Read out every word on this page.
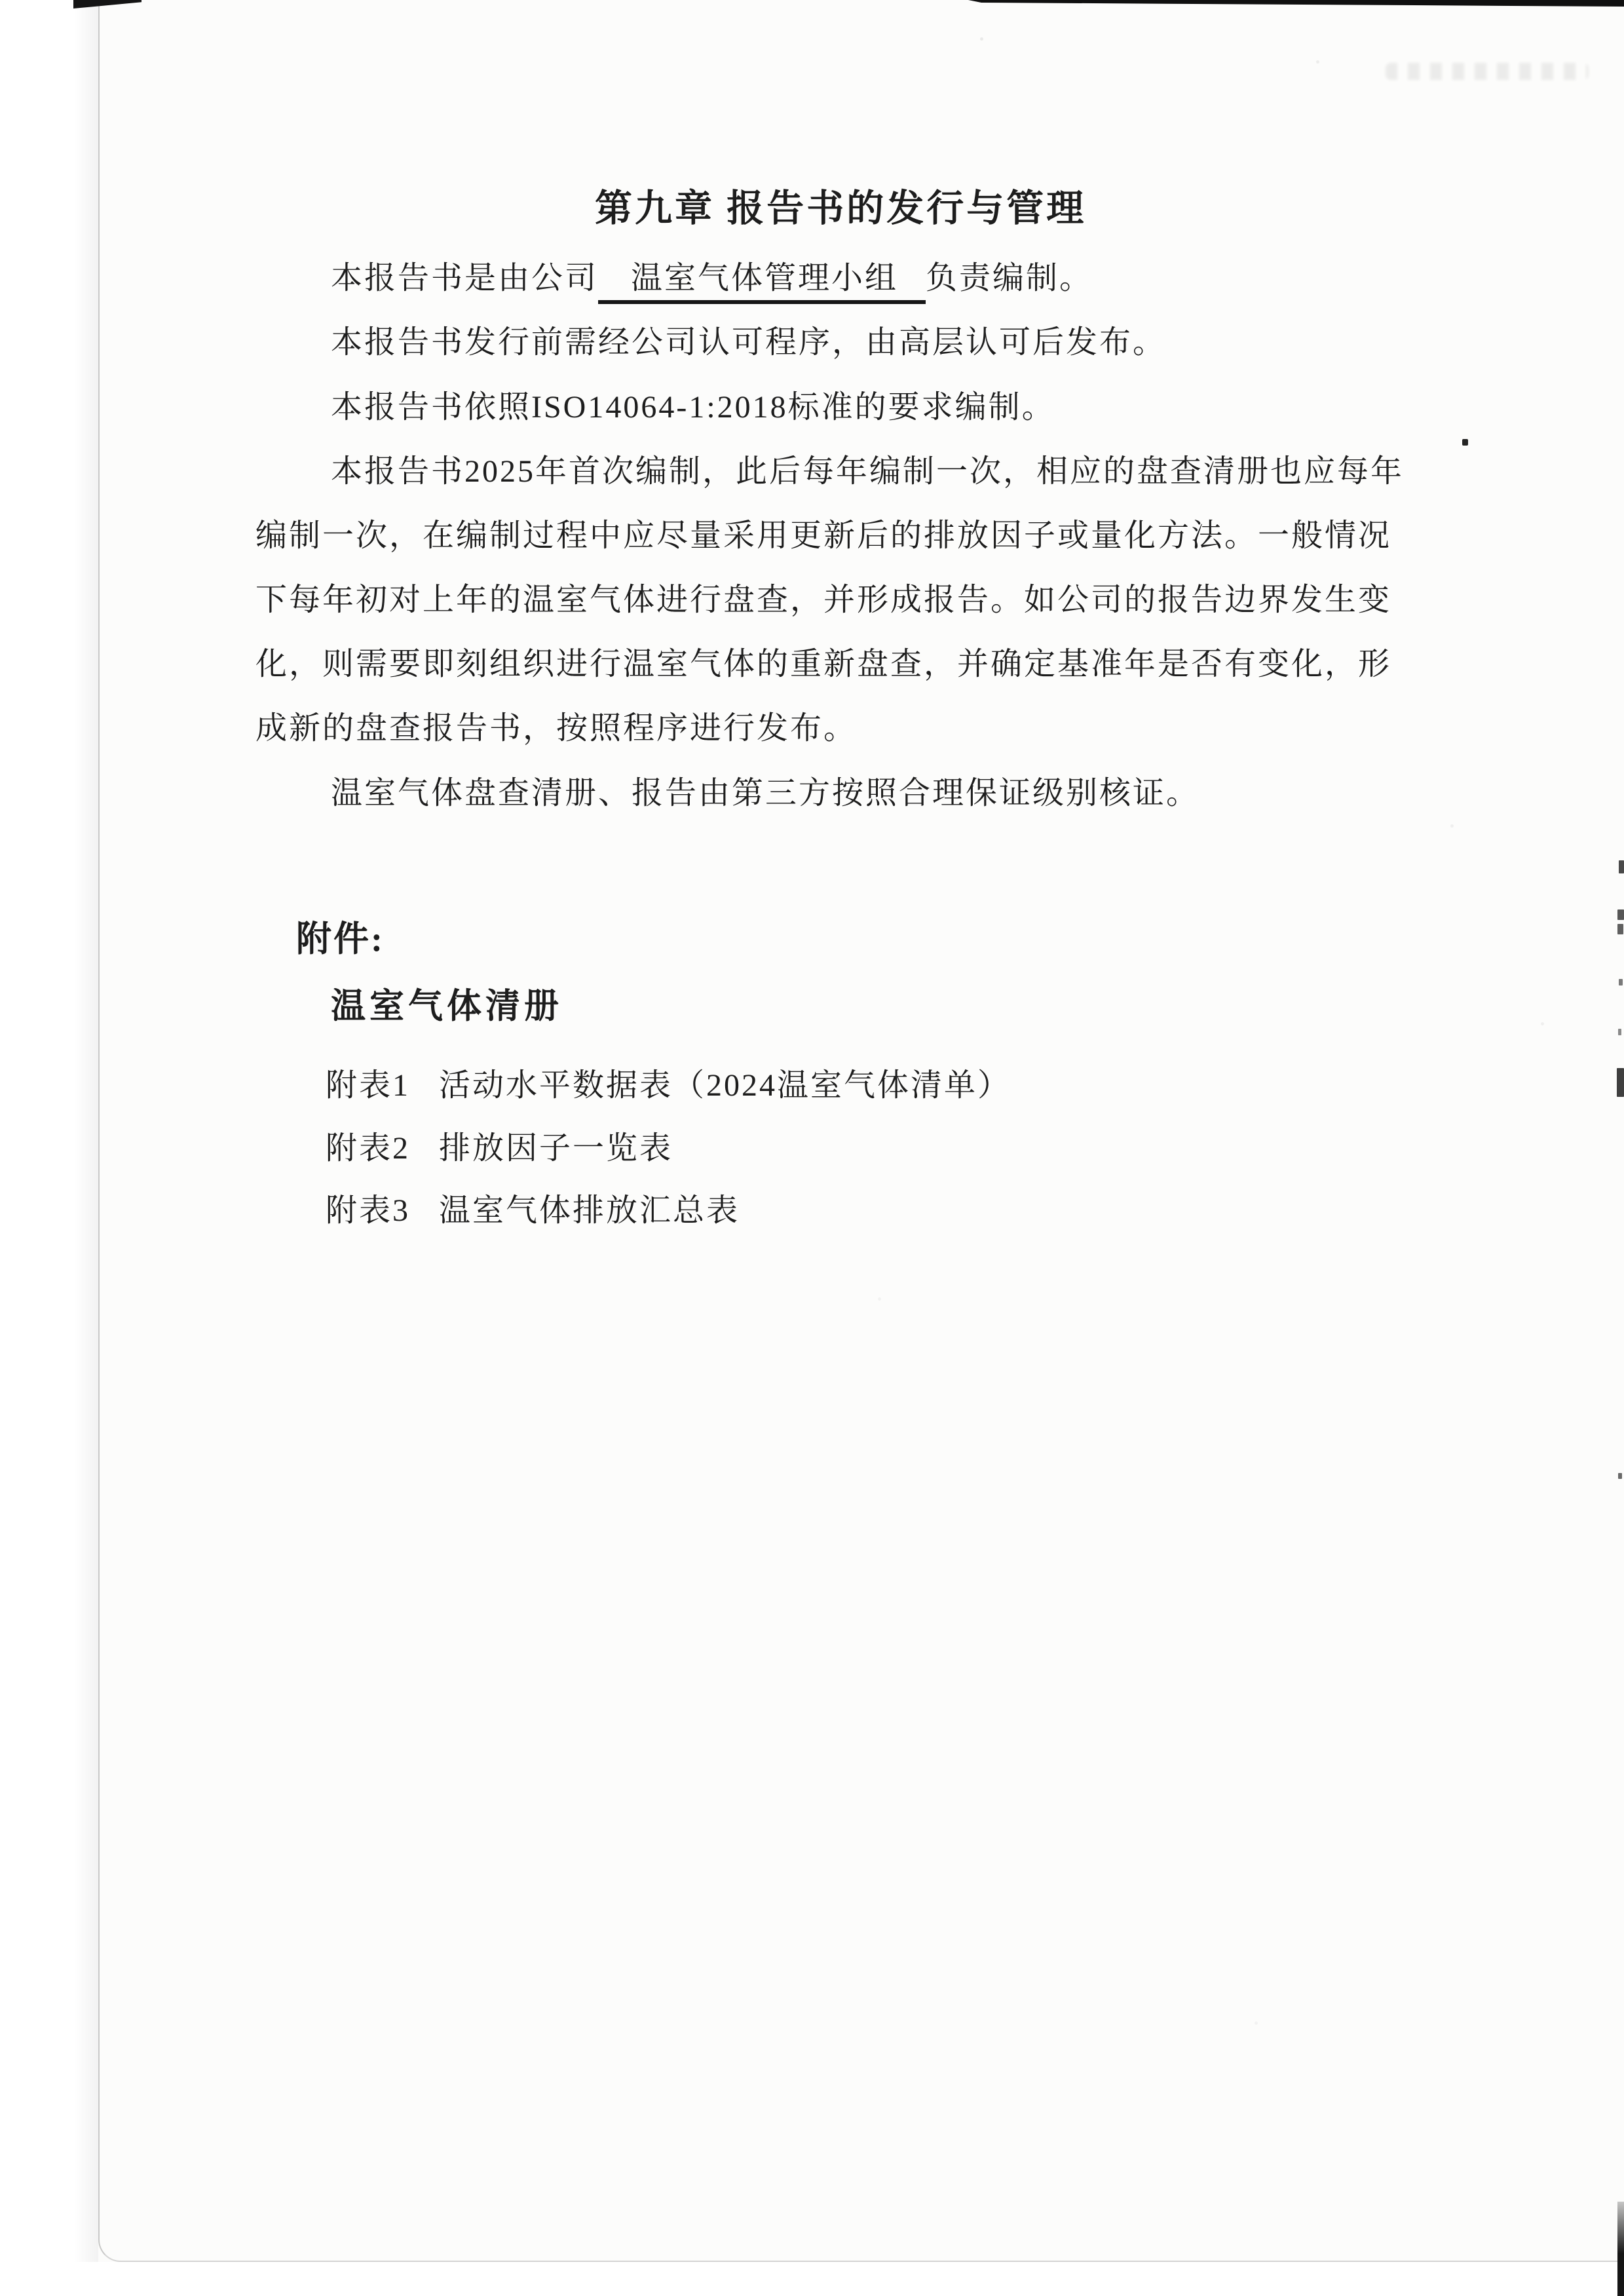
第九章 报告书的发行与管理
本报告书是由公司 温室气体管理小组 负责编制。
本报告书发行前需经公司认可程序，由高层认可后发布。
本报告书依照ISO14064-1:2018标准的要求编制。
本报告书2025年首次编制，此后每年编制一次，相应的盘查清册也应每年
编制一次，在编制过程中应尽量采用更新后的排放因子或量化方法。一般情况
下每年初对上年的温室气体进行盘查，并形成报告。如公司的报告边界发生变
化，则需要即刻组织进行温室气体的重新盘查，并确定基准年是否有变化，形
成新的盘查报告书，按照程序进行发布。
温室气体盘查清册、报告由第三方按照合理保证级别核证。
附件:
温室气体清册
附表1 活动水平数据表（2024温室气体清单）
附表2 排放因子一览表
附表3 温室气体排放汇总表
